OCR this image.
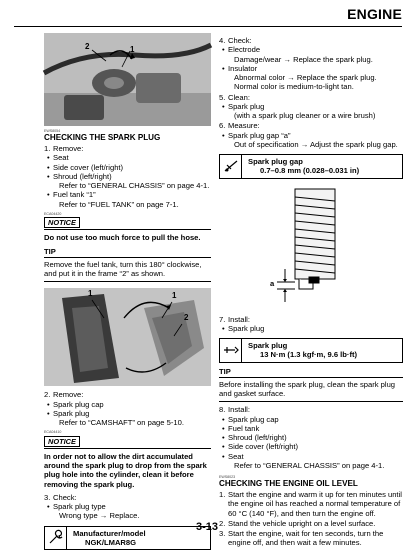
ENGINE
2	1
EWS8054
CHECKING THE SPARK PLUG
1. Remove:
• Seat
• Side cover (left/right)
• Shroud (left/right)
Refer to “GENERAL CHASSIS” on page 4-1.
• Fuel tank “1”
Refer to “FUEL TANK” on page 7-1.
ECA04420
NOTICE
Do not use too much force to pull the hose.
TIP
Remove the fuel tank, turn this 180° clockwise, and put it in the frame “2” as shown.
1	1
2
2. Remove:
• Spark plug cap
• Spark plug
Refer to “CAMSHAFT” on page 5-10.
ECA04410
NOTICE
In order not to allow the dirt accumulated around the spark plug to drop from the spark plug hole into the cylinder, clean it before removing the spark plug.
3. Check:
• Spark plug type
Wrong type → Replace.
Manufacturer/model
NGK/LMAR8G
4. Check:
• Electrode
Damage/wear → Replace the spark plug.
• Insulator
Abnormal color → Replace the spark plug.
Normal color is medium-to-light tan.
5. Clean:
• Spark plug
(with a spark plug cleaner or a wire brush)
6. Measure:
• Spark plug gap “a”
Out of specification → Adjust the spark plug gap.
Spark plug gap
0.7–0.8 mm (0.028–0.031 in)
a
7. Install:
• Spark plug
Spark plug
13 N·m (1.3 kgf·m, 9.6 lb·ft)
TIP
Before installing the spark plug, clean the spark plug and gasket surface.
8. Install:
• Spark plug cap
• Fuel tank
• Shroud (left/right)
• Side cover (left/right)
• Seat
Refer to “GENERAL CHASSIS” on page 4-1.
EWS8023
CHECKING THE ENGINE OIL LEVEL
1. Start the engine and warm it up for ten minutes until the engine oil has reached a normal temperature of 60 °C (140 °F), and then turn the engine off.
2. Stand the vehicle upright on a level surface.
3. Start the engine, wait for ten seconds, turn the engine off, and then wait a few minutes.
3-13
